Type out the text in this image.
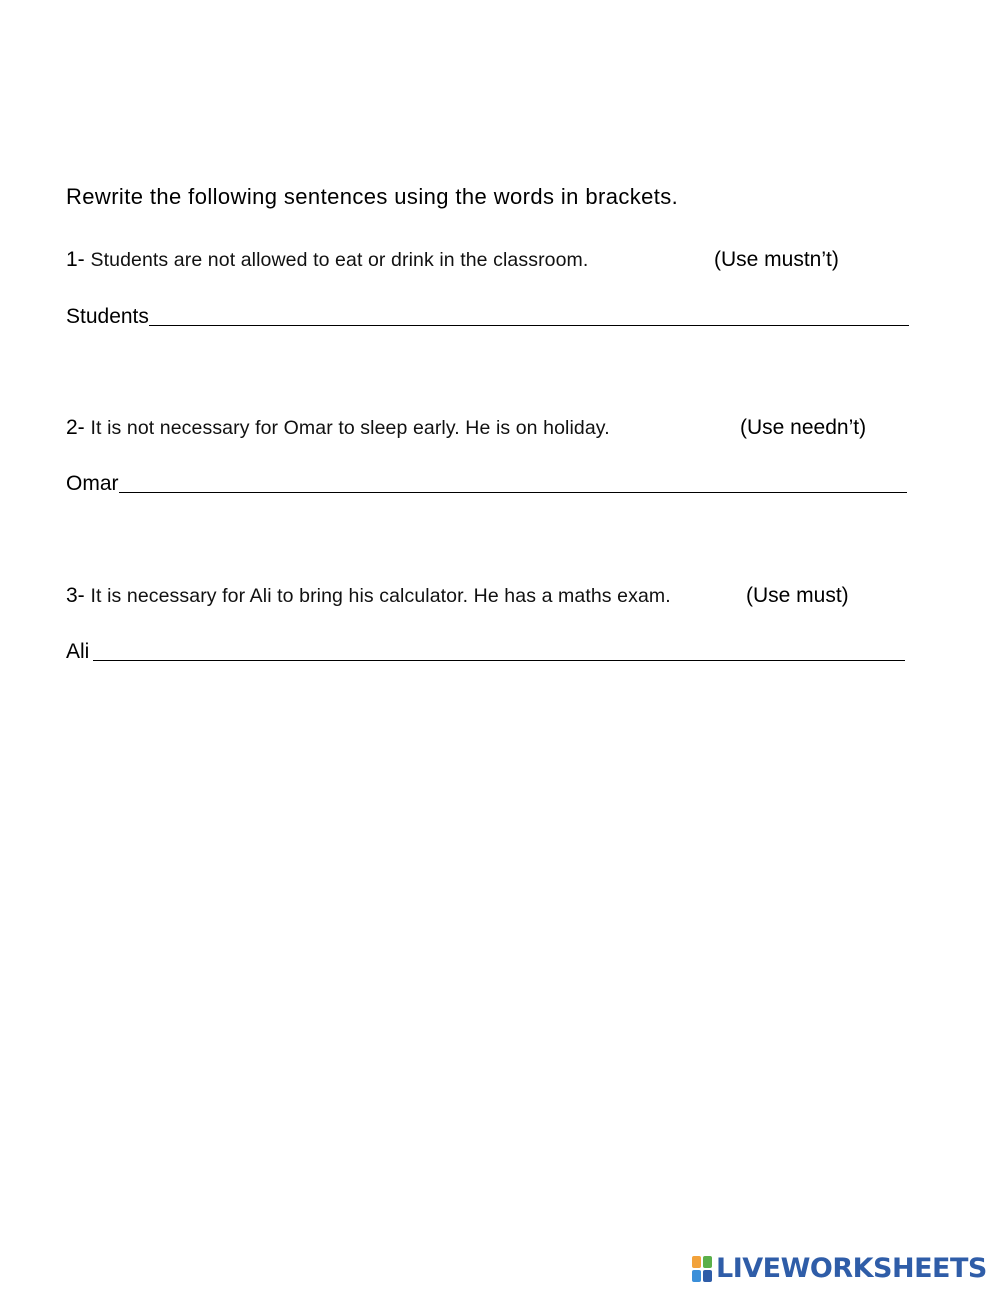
Rewrite the following sentences using the words in brackets.
1- Students are not allowed to eat or drink in the classroom.	(Use mustn’t)
Students
2- It is not necessary for Omar to sleep early. He is on holiday.	(Use needn’t)
Omar
3- It is necessary for Ali to bring his calculator. He has a maths exam.	(Use must)
Ali
LIVEWORKSHEETS
